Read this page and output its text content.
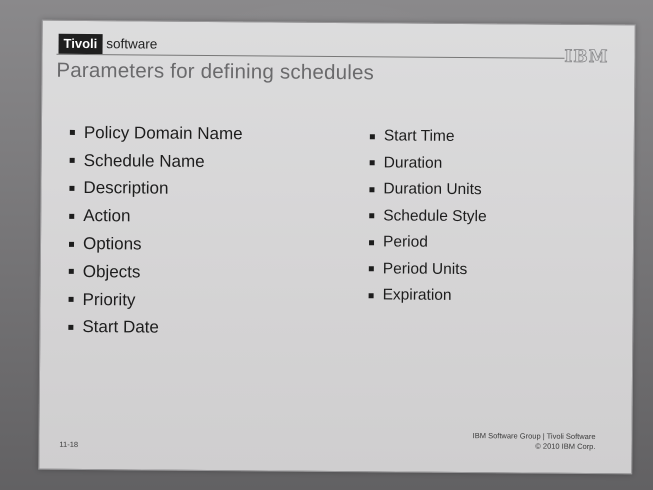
Tivoli software
IBM
Parameters for defining schedules
Policy Domain Name
Schedule Name
Description
Action
Options
Objects
Priority
Start Date
Start Time
Duration
Duration Units
Schedule Style
Period
Period Units
Expiration
IBM Software Group | Tivoli Software
© 2010 IBM Corp.
11-18
